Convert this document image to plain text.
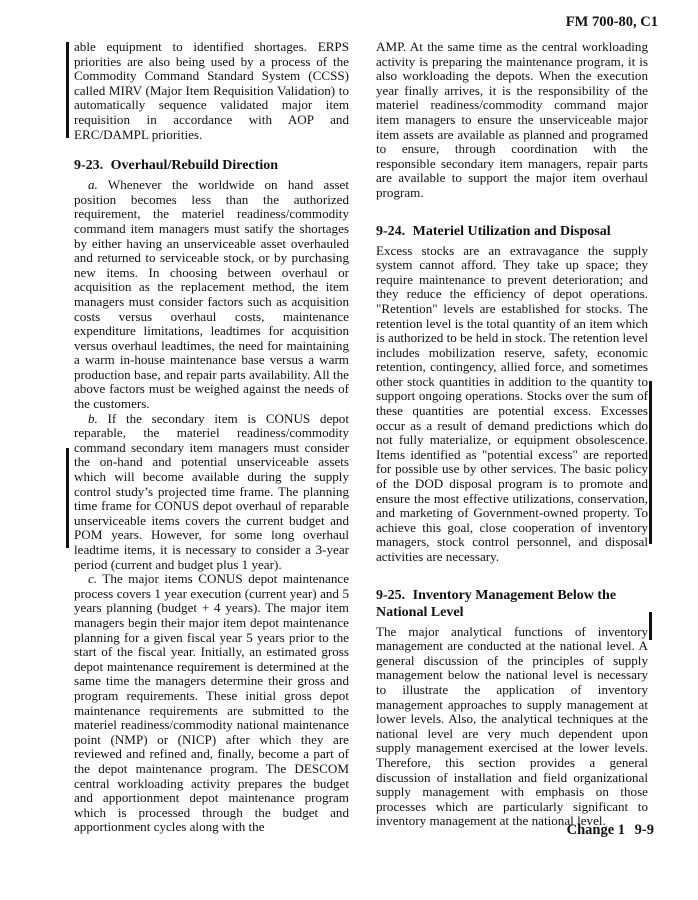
FM 700-80, C1

able equipment to identified shortages. ERPS priorities are also being used by a process of the Commodity Command Standard System (CCSS) called MIRV (Major Item Requisition Validation) to automatically sequence validated major item requisition in accordance with AOP and ERC/DAMPL priorities.

9-23. Overhaul/Rebuild Direction

a. Whenever the worldwide on hand asset position becomes less than the authorized requirement, the materiel readiness/commodity command item managers must satify the shortages by either having an unserviceable asset overhauled and returned to serviceable stock, or by purchasing new items. In choosing between overhaul or acquisition as the replacement method, the item managers must consider factors such as acquisition costs versus overhaul costs, maintenance expenditure limitations, leadtimes for acquisition versus overhaul leadtimes, the need for maintaining a warm in-house maintenance base versus a warm production base, and repair parts availability. All the above factors must be weighed against the needs of the customers.

b. If the secondary item is CONUS depot reparable, the materiel readiness/commodity command secondary item managers must consider the on-hand and potential unserviceable assets which will become available during the supply control study’s projected time frame. The planning time frame for CONUS depot overhaul of reparable unserviceable items covers the current budget and POM years. However, for some long overhaul leadtime items, it is necessary to consider a 3-year period (current and budget plus 1 year).

c. The major items CONUS depot maintenance process covers 1 year execution (current year) and 5 years planning (budget + 4 years). The major item managers begin their major item depot maintenance planning for a given fiscal year 5 years prior to the start of the fiscal year. Initially, an estimated gross depot maintenance requirement is determined at the same time the managers determine their gross and program requirements. These initial gross depot maintenance requirements are submitted to the materiel readiness/commodity national maintenance point (NMP) or (NICP) after which they are reviewed and refined and, finally, become a part of the depot maintenance program. The DESCOM central workloading activity prepares the budget and apportionment depot maintenance program which is processed through the budget and apportionment cycles along with the

AMP. At the same time as the central workloading activity is preparing the maintenance program, it is also workloading the depots. When the execution year finally arrives, it is the responsibility of the materiel readiness/commodity command major item managers to ensure the unserviceable major item assets are available as planned and programed to ensure, through coordination with the responsible secondary item managers, repair parts are available to support the major item overhaul program.

9-24. Materiel Utilization and Disposal

Excess stocks are an extravagance the supply system cannot afford. They take up space; they require maintenance to prevent deterioration; and they reduce the efficiency of depot operations. "Retention" levels are established for stocks. The retention level is the total quantity of an item which is authorized to be held in stock. The retention level includes mobilization reserve, safety, economic retention, contingency, allied force, and sometimes other stock quantities in addition to the quantity to support ongoing operations. Stocks over the sum of these quantities are potential excess. Excesses occur as a result of demand predictions which do not fully materialize, or equipment obsolescence. Items identified as "potential excess" are reported for possible use by other services. The basic policy of the DOD disposal program is to promote and ensure the most effective utilizations, conservation, and marketing of Government-owned property. To achieve this goal, close cooperation of inventory managers, stock control personnel, and disposal activities are necessary.

9-25. Inventory Management Below the National Level

The major analytical functions of inventory management are conducted at the national level. A general discussion of the principles of supply management below the national level is necessary to illustrate the application of inventory management approaches to supply management at lower levels. Also, the analytical techniques at the national level are very much dependent upon supply management exercised at the lower levels. Therefore, this section provides a general discussion of installation and field organizational supply management with emphasis on those processes which are particularly significant to inventory management at the national level.

Change 1 9-9
